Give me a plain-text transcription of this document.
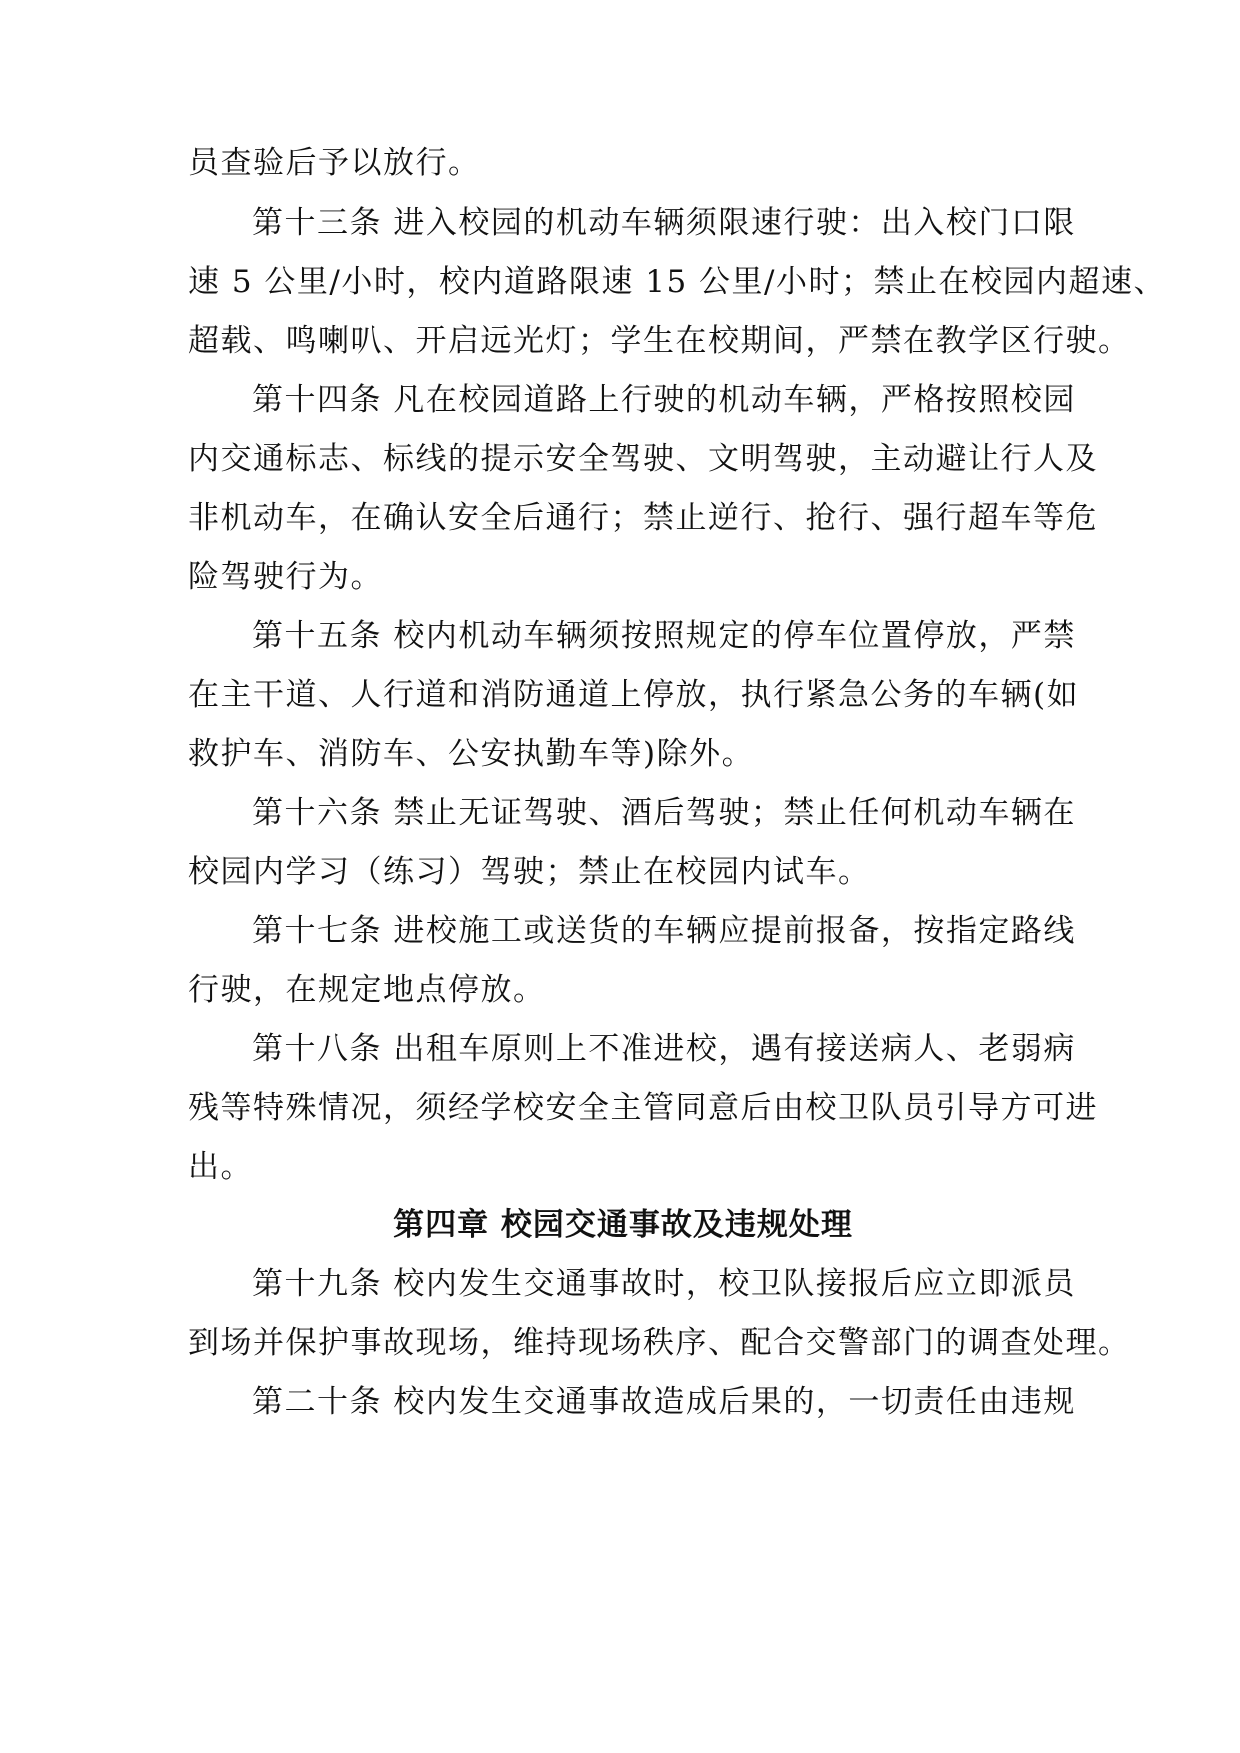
员查验后予以放行。
第十三条 进入校园的机动车辆须限速行驶：出入校门口限
速 5 公里/小时，校内道路限速 15 公里/小时；禁止在校园内超速、
超载、鸣喇叭、开启远光灯；学生在校期间，严禁在教学区行驶。
第十四条 凡在校园道路上行驶的机动车辆，严格按照校园
内交通标志、标线的提示安全驾驶、文明驾驶，主动避让行人及
非机动车，在确认安全后通行；禁止逆行、抢行、强行超车等危
险驾驶行为。
第十五条 校内机动车辆须按照规定的停车位置停放，严禁
在主干道、人行道和消防通道上停放，执行紧急公务的车辆(如
救护车、消防车、公安执勤车等)除外。
第十六条 禁止无证驾驶、酒后驾驶；禁止任何机动车辆在
校园内学习（练习）驾驶；禁止在校园内试车。
第十七条 进校施工或送货的车辆应提前报备，按指定路线
行驶，在规定地点停放。
第十八条 出租车原则上不准进校，遇有接送病人、老弱病
残等特殊情况，须经学校安全主管同意后由校卫队员引导方可进
出。
第四章 校园交通事故及违规处理
第十九条 校内发生交通事故时，校卫队接报后应立即派员
到场并保护事故现场，维持现场秩序、配合交警部门的调查处理。
第二十条 校内发生交通事故造成后果的，一切责任由违规
